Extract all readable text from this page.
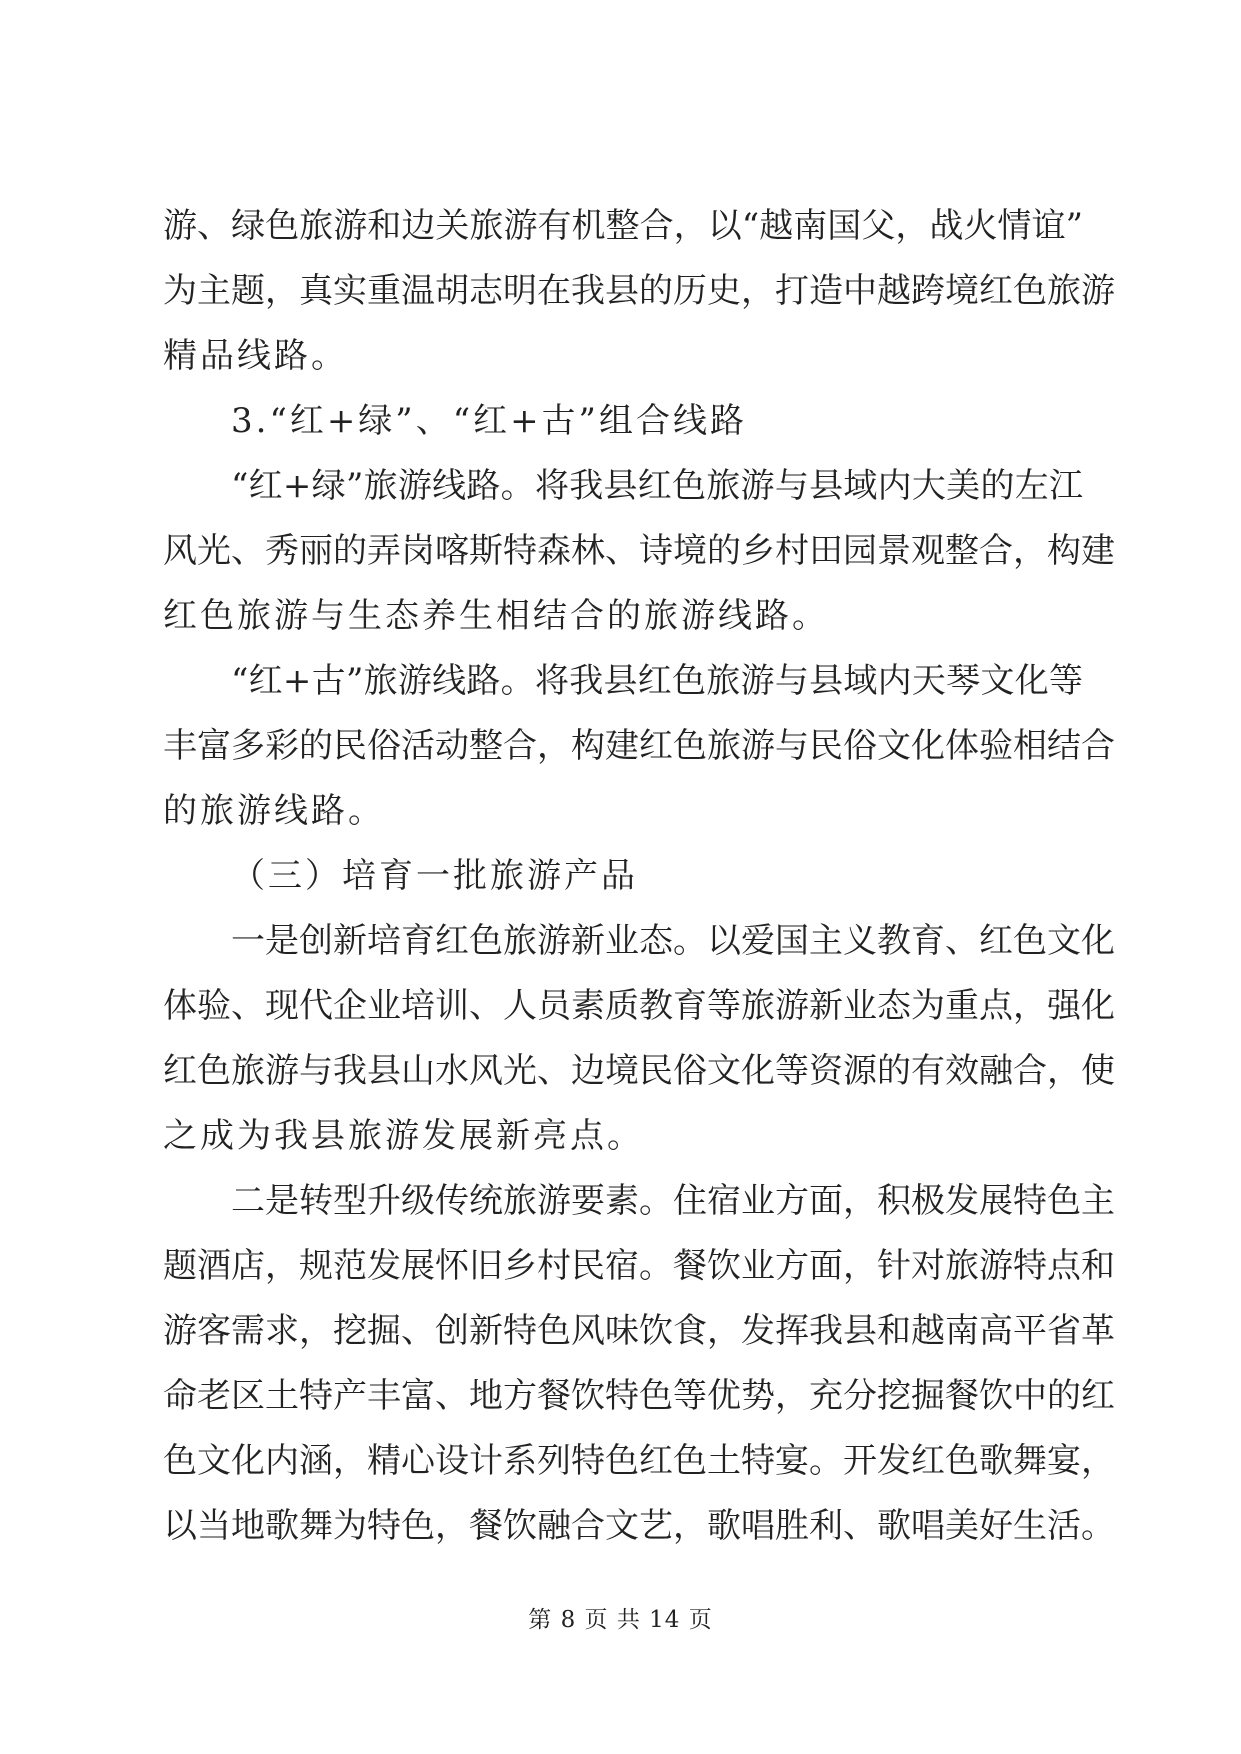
游、绿色旅游和边关旅游有机整合，以“越南国父，战火情谊”
为主题，真实重温胡志明在我县的历史，打造中越跨境红色旅游
精品线路。
3.“红+绿”、“红+古”组合线路
“红+绿”旅游线路。将我县红色旅游与县域内大美的左江
风光、秀丽的弄岗喀斯特森林、诗境的乡村田园景观整合，构建
红色旅游与生态养生相结合的旅游线路。
“红+古”旅游线路。将我县红色旅游与县域内天琴文化等
丰富多彩的民俗活动整合，构建红色旅游与民俗文化体验相结合
的旅游线路。
（三）培育一批旅游产品
一是创新培育红色旅游新业态。以爱国主义教育、红色文化
体验、现代企业培训、人员素质教育等旅游新业态为重点，强化
红色旅游与我县山水风光、边境民俗文化等资源的有效融合，使
之成为我县旅游发展新亮点。
二是转型升级传统旅游要素。住宿业方面，积极发展特色主
题酒店，规范发展怀旧乡村民宿。餐饮业方面，针对旅游特点和
游客需求，挖掘、创新特色风味饮食，发挥我县和越南高平省革
命老区土特产丰富、地方餐饮特色等优势，充分挖掘餐饮中的红
色文化内涵，精心设计系列特色红色土特宴。开发红色歌舞宴，
以当地歌舞为特色，餐饮融合文艺，歌唱胜利、歌唱美好生活。
第 8 页 共 14 页
